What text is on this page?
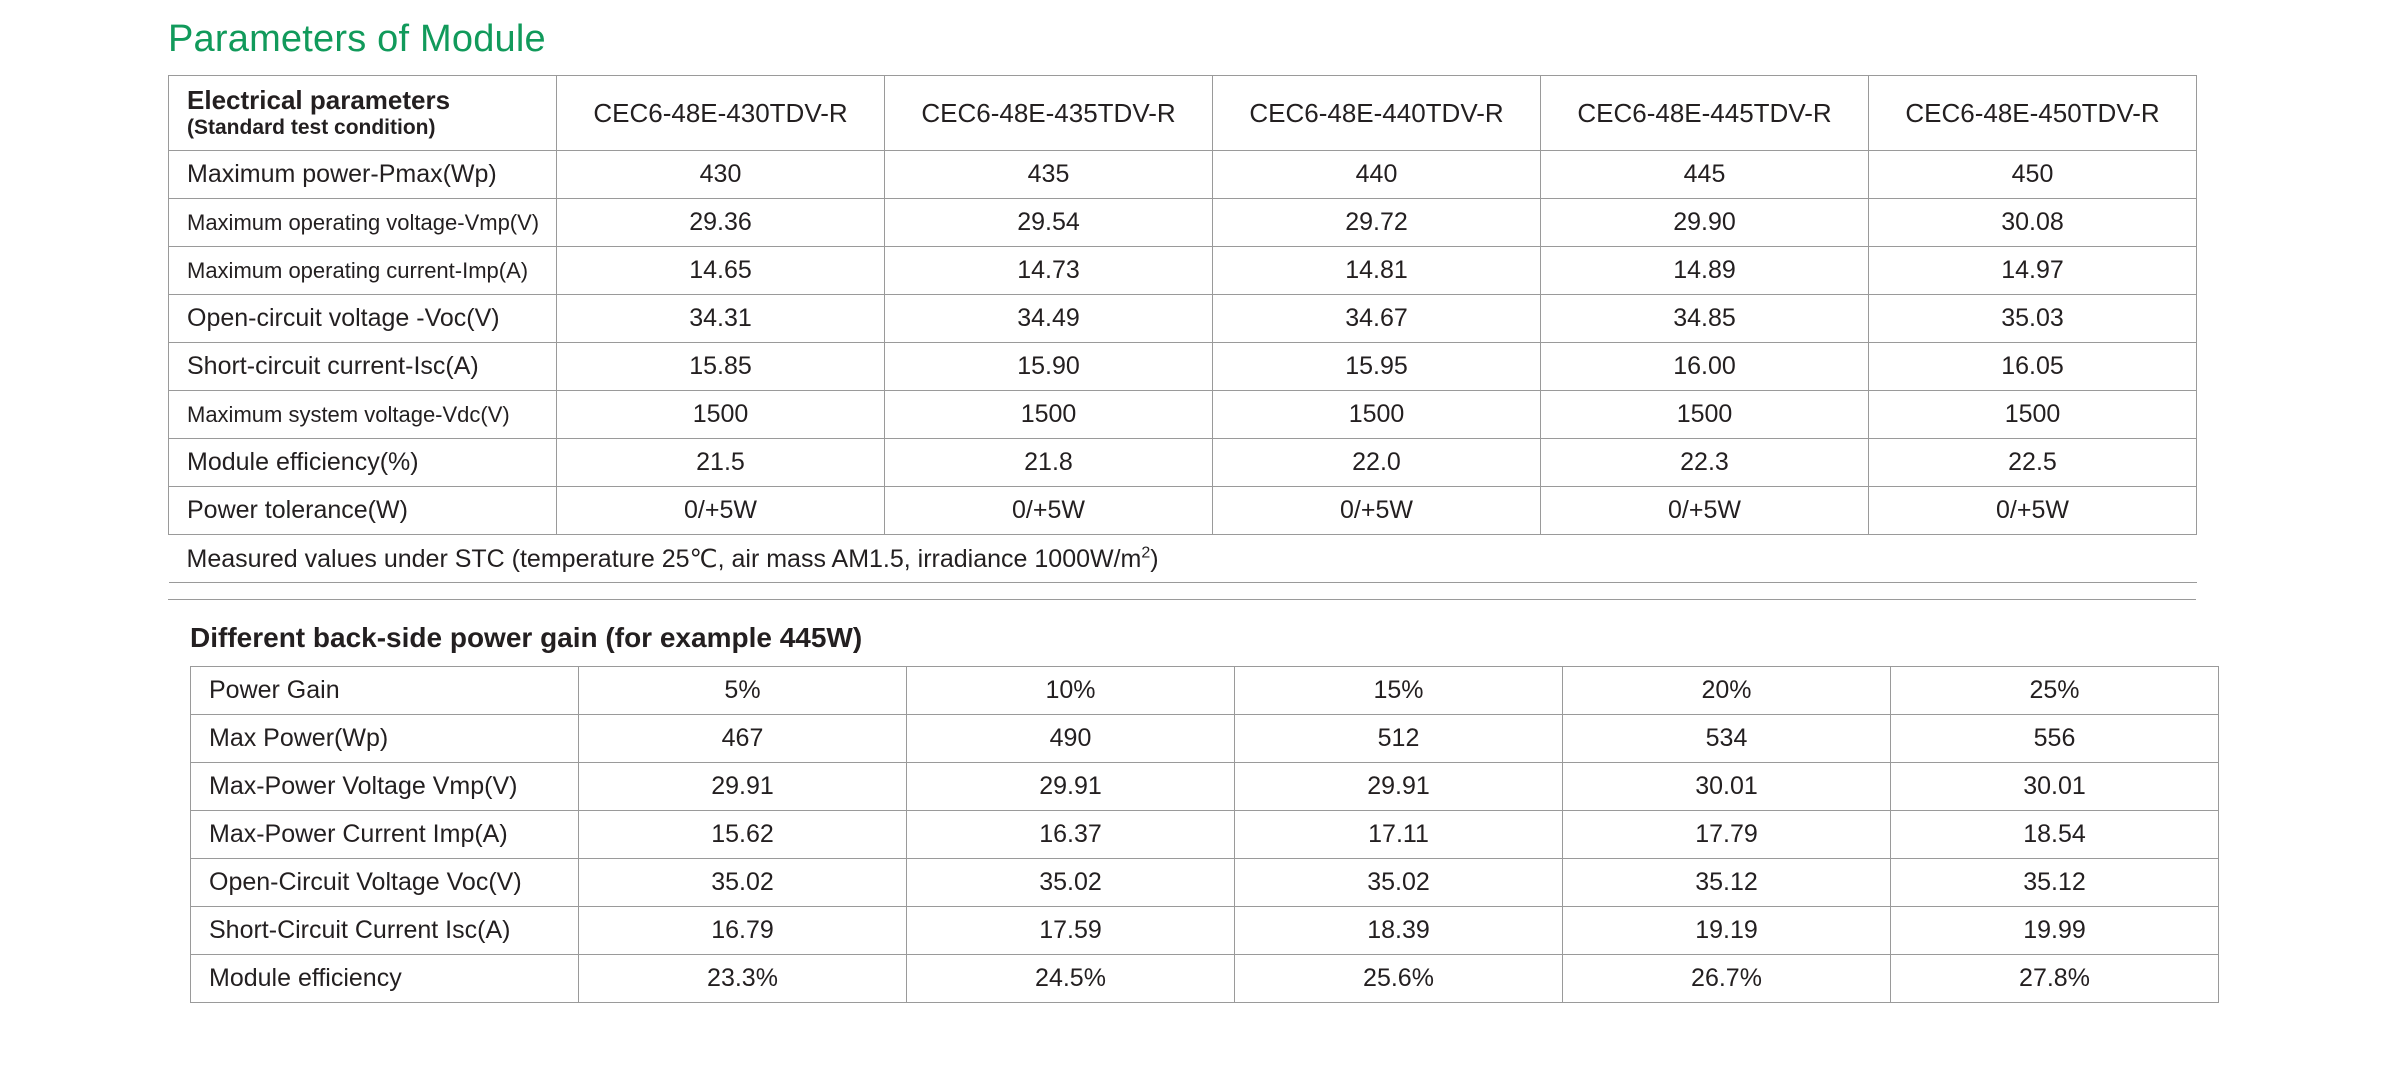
Parameters of Module
Electrical parameters
(Standard test condition)	CEC6-48E-430TDV-R	CEC6-48E-435TDV-R	CEC6-48E-440TDV-R	CEC6-48E-445TDV-R	CEC6-48E-450TDV-R
Maximum power-Pmax(Wp)	430	435	440	445	450
Maximum operating voltage-Vmp(V)	29.36	29.54	29.72	29.90	30.08
Maximum operating current-Imp(A)	14.65	14.73	14.81	14.89	14.97
Open-circuit voltage -Voc(V)	34.31	34.49	34.67	34.85	35.03
Short-circuit current-Isc(A)	15.85	15.90	15.95	16.00	16.05
Maximum system voltage-Vdc(V)	1500	1500	1500	1500	1500
Module efficiency(%)	21.5	21.8	22.0	22.3	22.5
Power tolerance(W)	0/+5W	0/+5W	0/+5W	0/+5W	0/+5W
Measured values under STC (temperature 25℃, air mass AM1.5, irradiance $1000W/m^2$)					
Different back-side power gain (for example 445W)
Power Gain	5%	10%	15%	20%	25%
Max Power(Wp)	467	490	512	534	556
Max-Power Voltage Vmp(V)	29.91	29.91	29.91	30.01	30.01
Max-Power Current Imp(A)	15.62	16.37	17.11	17.79	18.54
Open-Circuit Voltage Voc(V)	35.02	35.02	35.02	35.12	35.12
Short-Circuit Current Isc(A)	16.79	17.59	18.39	19.19	19.99
Module efficiency	23.3%	24.5%	25.6%	26.7%	27.8%
